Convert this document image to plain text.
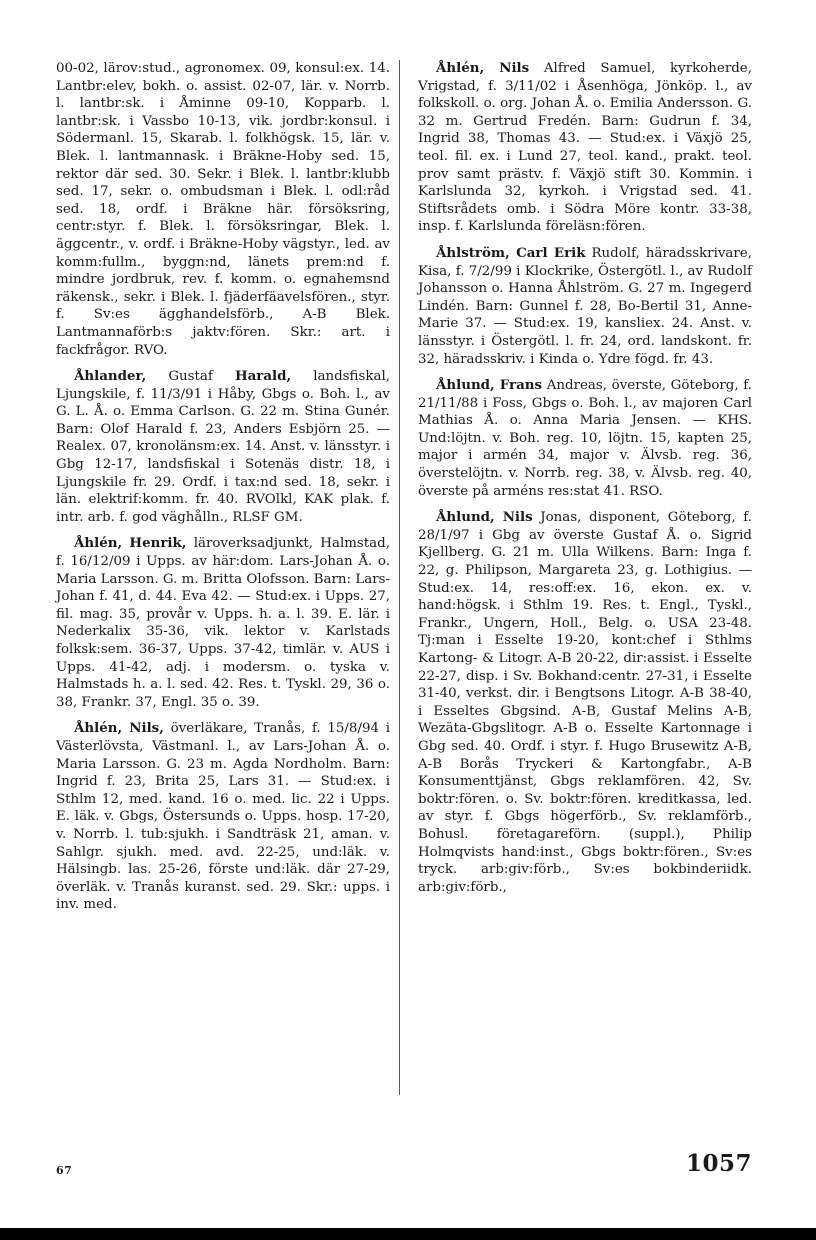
00-02, lärov:stud., agronomex. 09, konsul:ex. 14. Lantbr:elev, bokh. o. assist. 02-07, lär. v. Norrb. l. lantbr:sk. i Åminne 09-10, Kopparb. l. lantbr:sk. i Vassbo 10-13, vik. jordbr:konsul. i Södermanl. 15, Skarab. l. folkhögsk. 15, lär. v. Blek. l. lantmannask. i Bräkne-Hoby sed. 15, rektor där sed. 30. Sekr. i Blek. l. lantbr:klubb sed. 17, sekr. o. ombudsman i Blek. l. odl:råd sed. 18, ordf. i Bräkne här. försöksring, centr:styr. f. Blek. l. försöksringar, Blek. l. äggcentr., v. ordf. i Bräkne-Hoby vägstyr., led. av komm:fullm., byggn:nd, länets prem:nd f. mindre jordbruk, rev. f. komm. o. egnahemsnd räkensk., sekr. i Blek. l. fjäderfäavelsfören., styr. f. Sv:es ägghandelsförb., A-B Blek. Lantmannaförb:s jaktv:fören. Skr.: art. i fackfrågor. RVO.

Åhlander, Gustaf Harald, landsfiskal, Ljungskile, f. 11/3/91 i Håby, Gbgs o. Boh. l., av G. L. Å. o. Emma Carlson. G. 22 m. Stina Gunér. Barn: Olof Harald f. 23, Anders Esbjörn 25. — Realex. 07, kronolänsm:ex. 14. Anst. v. länsstyr. i Gbg 12-17, landsfiskal i Sotenäs distr. 18, i Ljungskile fr. 29. Ordf. i tax:nd sed. 18, sekr. i län. elektrif:komm. fr. 40. RVOlkl, KAK plak. f. intr. arb. f. god väghålln., RLSF GM.

Åhlén, Henrik, läroverksadjunkt, Halmstad, f. 16/12/09 i Upps. av här:dom. Lars-Johan Å. o. Maria Larsson. G. m. Britta Olofsson. Barn: Lars-Johan f. 41, d. 44. Eva 42. — Stud:ex. i Upps. 27, fil. mag. 35, provår v. Upps. h. a. l. 39. E. lär. i Nederkalix 35-36, vik. lektor v. Karlstads folksk:sem. 36-37, Upps. 37-42, timlär. v. AUS i Upps. 41-42, adj. i modersm. o. tyska v. Halmstads h. a. l. sed. 42. Res. t. Tyskl. 29, 36 o. 38, Frankr. 37, Engl. 35 o. 39.

Åhlén, Nils, överläkare, Tranås, f. 15/8/94 i Västerlövsta, Västmanl. l., av Lars-Johan Å. o. Maria Larsson. G. 23 m. Agda Nordholm. Barn: Ingrid f. 23, Brita 25, Lars 31. — Stud:ex. i Sthlm 12, med. kand. 16 o. med. lic. 22 i Upps. E. läk. v. Gbgs, Östersunds o. Upps. hosp. 17-20, v. Norrb. l. tub:sjukh. i Sandträsk 21, aman. v. Sahlgr. sjukh. med. avd. 22-25, und:läk. v. Hälsingb. las. 25-26, förste und:läk. där 27-29, överläk. v. Tranås kuranst. sed. 29. Skr.: upps. i inv. med.

Åhlén, Nils Alfred Samuel, kyrkoherde, Vrigstad, f. 3/11/02 i Åsenhöga, Jönköp. l., av folkskoll. o. org. Johan Å. o. Emilia Andersson. G. 32 m. Gertrud Fredén. Barn: Gudrun f. 34, Ingrid 38, Thomas 43. — Stud:ex. i Växjö 25, teol. fil. ex. i Lund 27, teol. kand., prakt. teol. prov samt prästv. f. Växjö stift 30. Kommin. i Karlslunda 32, kyrkoh. i Vrigstad sed. 41. Stiftsrådets omb. i Södra Möre kontr. 33-38, insp. f. Karlslunda föreläsn:fören.

Åhlström, Carl Erik Rudolf, häradsskrivare, Kisa, f. 7/2/99 i Klockrike, Östergötl. l., av Rudolf Johansson o. Hanna Åhlström. G. 27 m. Ingegerd Lindén. Barn: Gunnel f. 28, Bo-Bertil 31, Anne-Marie 37. — Stud:ex. 19, kansliex. 24. Anst. v. länsstyr. i Östergötl. l. fr. 24, ord. landskont. fr. 32, häradsskriv. i Kinda o. Ydre fögd. fr. 43.

Åhlund, Frans Andreas, överste, Göteborg, f. 21/11/88 i Foss, Gbgs o. Boh. l., av majoren Carl Mathias Å. o. Anna Maria Jensen. — KHS. Und:löjtn. v. Boh. reg. 10, löjtn. 15, kapten 25, major i armén 34, major v. Älvsb. reg. 36, överstelöjtn. v. Norrb. reg. 38, v. Älvsb. reg. 40, överste på arméns res:stat 41. RSO.

Åhlund, Nils Jonas, disponent, Göteborg, f. 28/1/97 i Gbg av överste Gustaf Å. o. Sigrid Kjellberg. G. 21 m. Ulla Wilkens. Barn: Inga f. 22, g. Philipson, Margareta 23, g. Lothigius. — Stud:ex. 14, res:off:ex. 16, ekon. ex. v. hand:högsk. i Sthlm 19. Res. t. Engl., Tyskl., Frankr., Ungern, Holl., Belg. o. USA 23-48. Tj:man i Esselte 19-20, kont:chef i Sthlms Kartong- & Litogr. A-B 20-22, dir:assist. i Esselte 22-27, disp. i Sv. Bokhand:centr. 27-31, i Esselte 31-40, verkst. dir. i Bengtsons Litogr. A-B 38-40, i Esseltes Gbgsind. A-B, Gustaf Melins A-B, Wezäta-Gbgslitogr. A-B o. Esselte Kartonnage i Gbg sed. 40. Ordf. i styr. f. Hugo Brusewitz A-B, A-B Borås Tryckeri & Kartongfabr., A-B Konsumenttjänst, Gbgs reklamfören. 42, Sv. boktr:fören. o. Sv. boktr:fören. kreditkassa, led. av styr. f. Gbgs högerförb., Sv. reklamförb., Bohusl. företagareförn. (suppl.), Philip Holmqvists hand:inst., Gbgs boktr:fören., Sv:es tryck. arb:giv:förb., Sv:es bokbinderiidk. arb:giv:förb.,

67	1057
